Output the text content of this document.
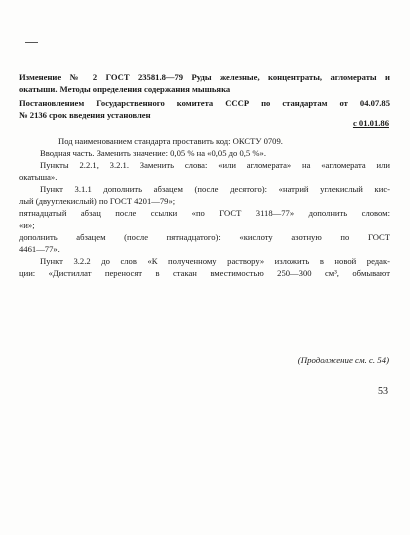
Изменение № 2 ГОСТ 23581.8—79 Руды железные, концентраты, агломераты и
окатыши. Методы определения содержания мышьяка
Постановлением Государственного комитета СССР по стандартам от 04.07.85
№ 2136 срок введения установлен
с 01.01.86
Под наименованием стандарта проставить код: ОКСТУ 0709.
Вводная часть. Заменить значение: 0,05 % на «0,05 до 0,5 %».
Пункты 2.2.1, 3.2.1. Заменить слова: «или агломерата» на «агломерата или
окатыша».
Пункт 3.1.1 дополнить абзацем (после десятого): «натрий углекислый кис-
лый (двууглекислый) по ГОСТ 4201—79»;
пятнадцатый абзац после ссылки «по ГОСТ 3118—77» дополнить словом:
«и»;
дополнить абзацем (после пятнадцатого): «кислоту азотную по ГОСТ
4461—77».
Пункт 3.2.2 до слов «К полученному раствору» изложить в новой редак-
ции: «Дистиллат переносят в стакан вместимостью 250—300 см³, обмывают
(Продолжение см. с. 54)
53
